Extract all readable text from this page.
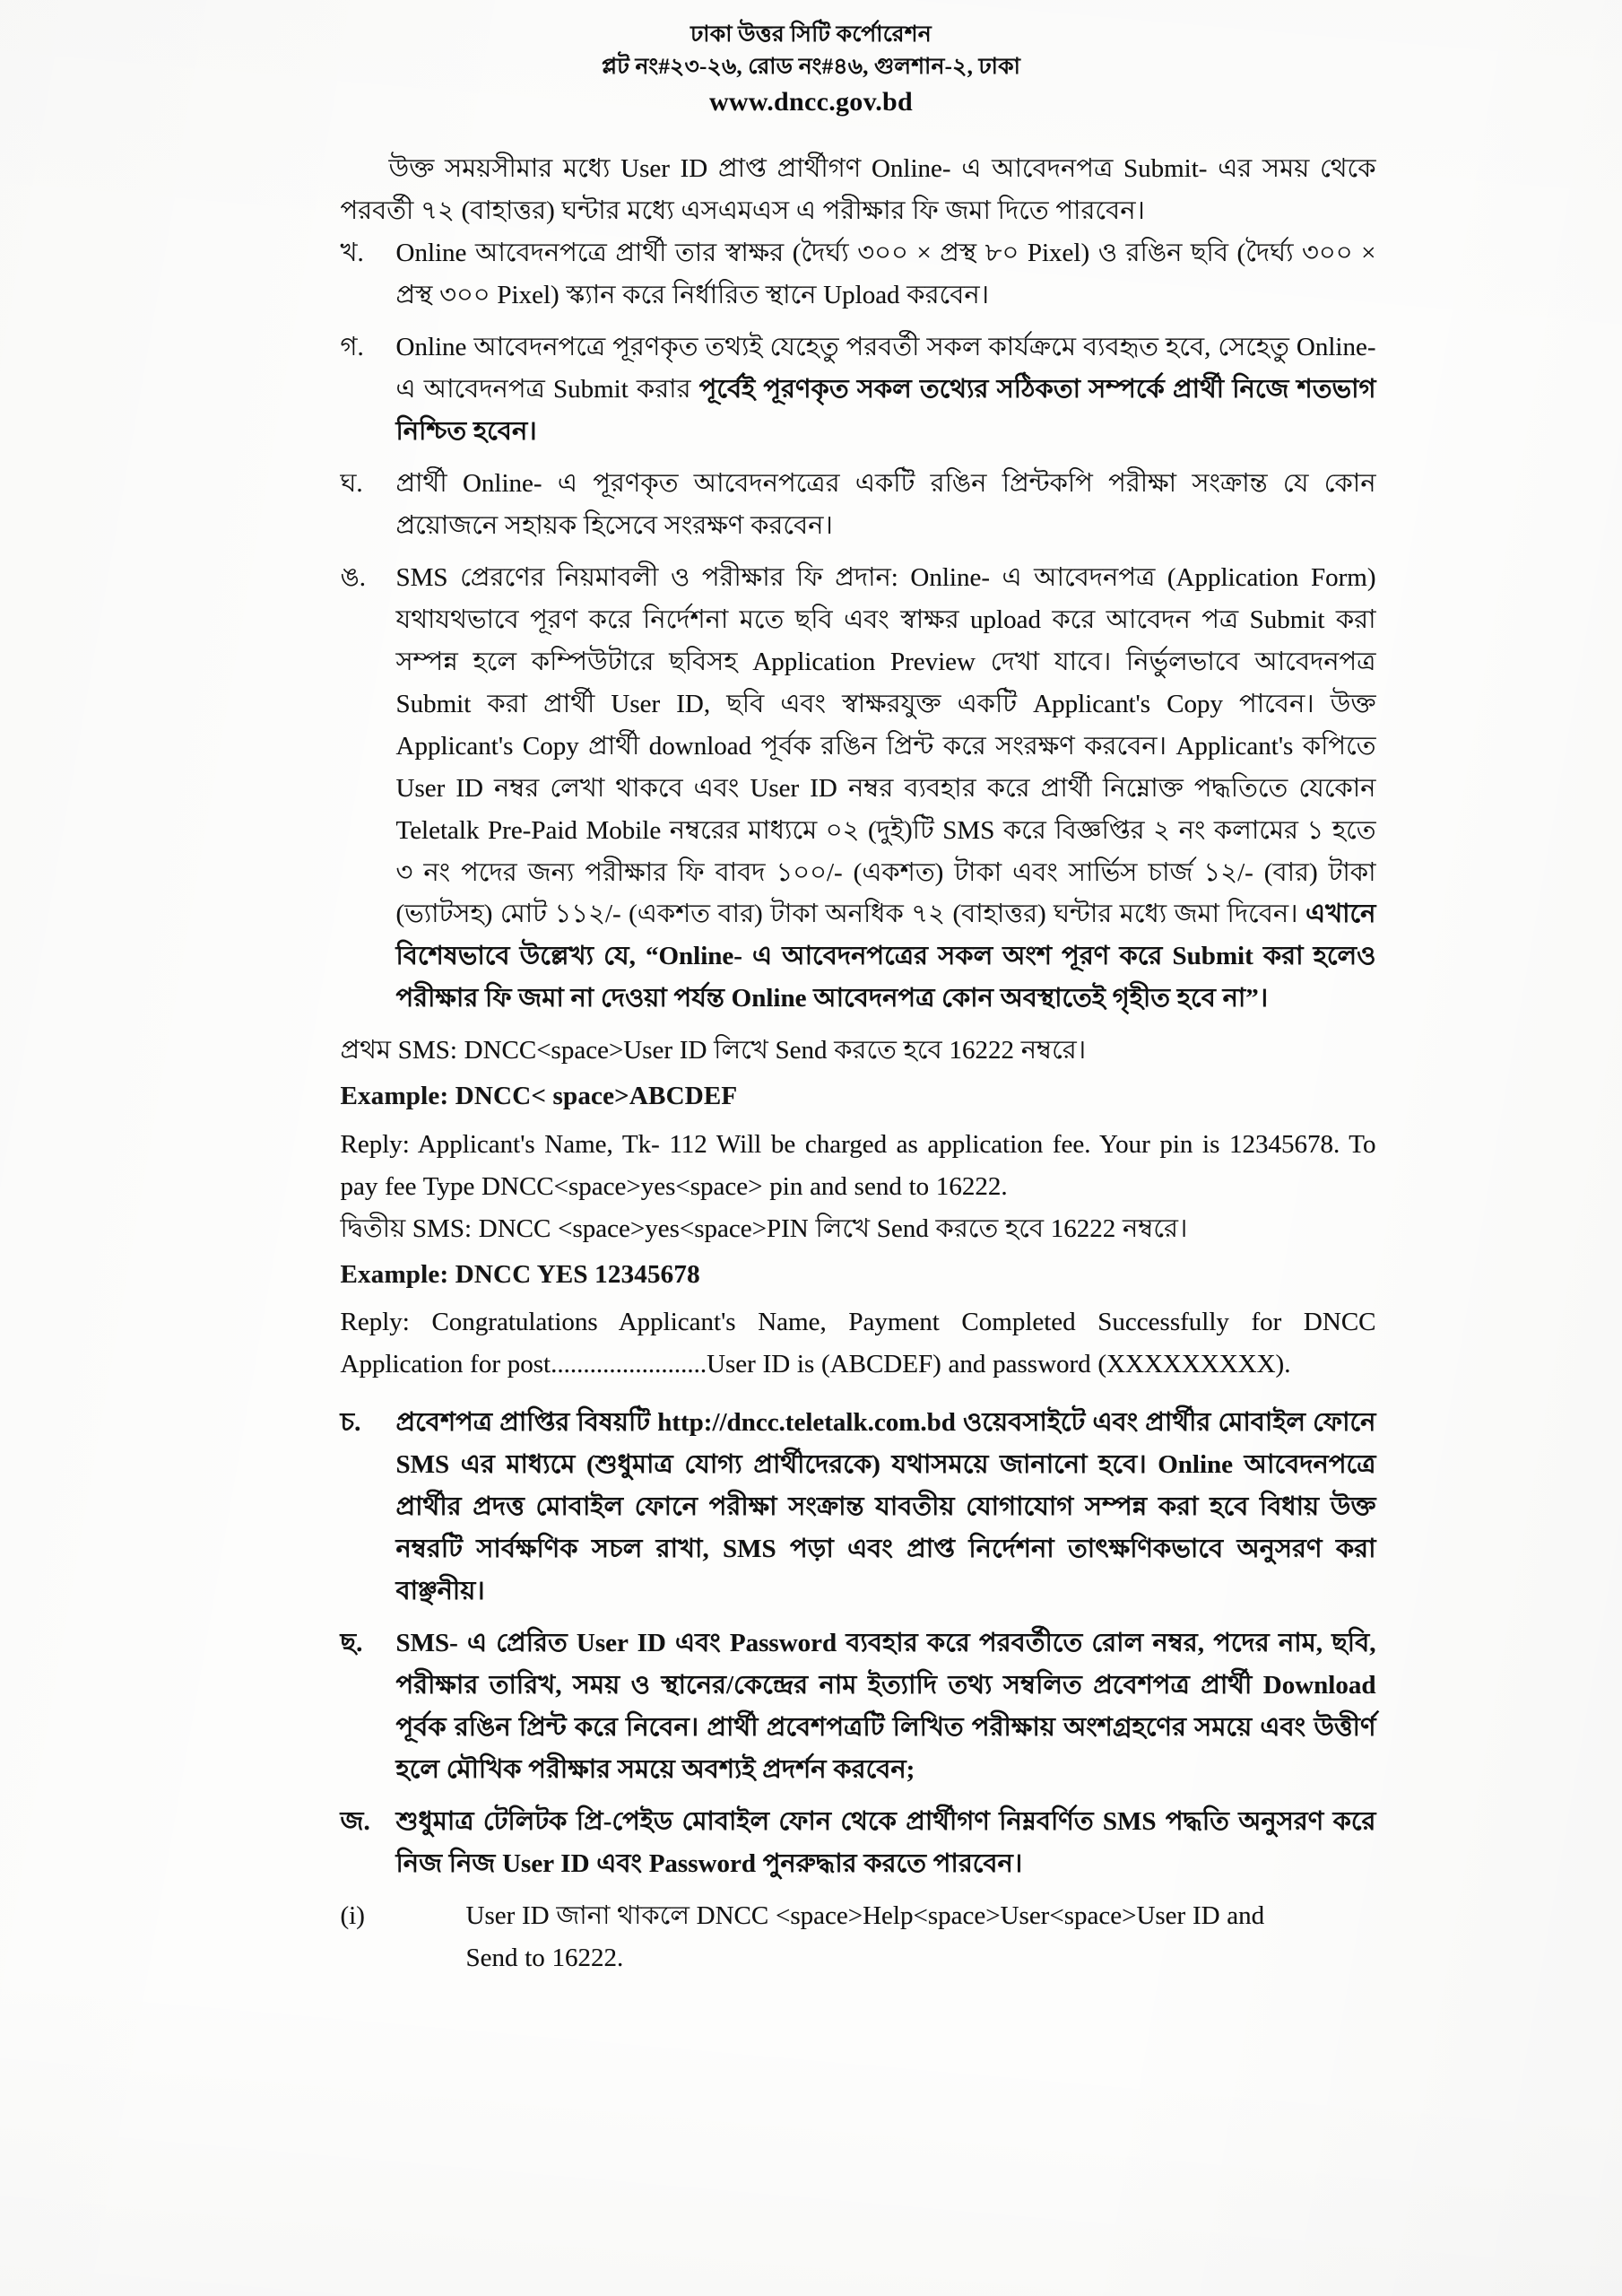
ঢাকা উত্তর সিটি কর্পোরেশন
প্লট নং#২৩-২৬, রোড নং#৪৬, গুলশান-২, ঢাকা
www.dncc.gov.bd

উক্ত সময়সীমার মধ্যে User ID প্রাপ্ত প্রার্থীগণ Online- এ আবেদনপত্র Submit- এর সময় থেকে পরবর্তী ৭২ (বাহাত্তর) ঘন্টার মধ্যে এসএমএস এ পরীক্ষার ফি জমা দিতে পারবেন।

খ.	Online আবেদনপত্রে প্রার্থী তার স্বাক্ষর (দৈর্ঘ্য ৩০০ × প্রস্থ ৮০ Pixel) ও রঙিন ছবি (দৈর্ঘ্য ৩০০ × প্রস্থ ৩০০ Pixel) স্ক্যান করে নির্ধারিত স্থানে Upload করবেন।

গ.	Online আবেদনপত্রে পূরণকৃত তথ্যই যেহেতু পরবর্তী সকল কার্যক্রমে ব্যবহৃত হবে, সেহেতু Online- এ আবেদনপত্র Submit করার পূর্বেই পূরণকৃত সকল তথ্যের সঠিকতা সম্পর্কে প্রার্থী নিজে শতভাগ নিশ্চিত হবেন।

ঘ.	প্রার্থী Online- এ পূরণকৃত আবেদনপত্রের একটি রঙিন প্রিন্টকপি পরীক্ষা সংক্রান্ত যে কোন প্রয়োজনে সহায়ক হিসেবে সংরক্ষণ করবেন।

ঙ.	SMS প্রেরণের নিয়মাবলী ও পরীক্ষার ফি প্রদান: Online- এ আবেদনপত্র (Application Form) যথাযথভাবে পূরণ করে নির্দেশনা মতে ছবি এবং স্বাক্ষর upload করে আবেদন পত্র Submit করা সম্পন্ন হলে কম্পিউটারে ছবিসহ Application Preview দেখা যাবে। নির্ভুলভাবে আবেদনপত্র Submit করা প্রার্থী User ID, ছবি এবং স্বাক্ষরযুক্ত একটি Applicant's Copy পাবেন। উক্ত Applicant's Copy প্রার্থী download পূর্বক রঙিন প্রিন্ট করে সংরক্ষণ করবেন। Applicant's কপিতে User ID নম্বর লেখা থাকবে এবং User ID নম্বর ব্যবহার করে প্রার্থী নিম্নোক্ত পদ্ধতিতে যেকোন Teletalk Pre-Paid Mobile নম্বরের মাধ্যমে ০২ (দুই)টি SMS করে বিজ্ঞপ্তির ২ নং কলামের ১ হতে ৩ নং পদের জন্য পরীক্ষার ফি বাবদ ১০০/- (একশত) টাকা এবং সার্ভিস চার্জ ১২/- (বার) টাকা (ভ্যাটসহ) মোট ১১২/- (একশত বার) টাকা অনধিক ৭২ (বাহাত্তর) ঘন্টার মধ্যে জমা দিবেন। এখানে বিশেষভাবে উল্লেখ্য যে, “Online- এ আবেদনপত্রের সকল অংশ পূরণ করে Submit করা হলেও পরীক্ষার ফি জমা না দেওয়া পর্যন্ত Online আবেদনপত্র কোন অবস্থাতেই গৃহীত হবে না”।

প্রথম SMS: DNCC<space>User ID লিখে Send করতে হবে 16222 নম্বরে।

Example: DNCC< space>ABCDEF

Reply: Applicant's Name, Tk- 112 Will be charged as application fee. Your pin is 12345678. To pay fee Type DNCC<space>yes<space> pin and send to 16222.

দ্বিতীয় SMS: DNCC <space>yes<space>PIN লিখে Send করতে হবে 16222 নম্বরে।

Example: DNCC YES 12345678

Reply: Congratulations Applicant's Name, Payment Completed Successfully for DNCC Application for post........................User ID is (ABCDEF) and password (XXXXXXXXX).

চ.	প্রবেশপত্র প্রাপ্তির বিষয়টি http://dncc.teletalk.com.bd ওয়েবসাইটে এবং প্রার্থীর মোবাইল ফোনে SMS এর মাধ্যমে (শুধুমাত্র যোগ্য প্রার্থীদেরকে) যথাসময়ে জানানো হবে। Online আবেদনপত্রে প্রার্থীর প্রদত্ত মোবাইল ফোনে পরীক্ষা সংক্রান্ত যাবতীয় যোগাযোগ সম্পন্ন করা হবে বিধায় উক্ত নম্বরটি সার্বক্ষণিক সচল রাখা, SMS পড়া এবং প্রাপ্ত নির্দেশনা তাৎক্ষণিকভাবে অনুসরণ করা বাঞ্ছনীয়।

ছ.	SMS- এ প্রেরিত User ID এবং Password ব্যবহার করে পরবর্তীতে রোল নম্বর, পদের নাম, ছবি, পরীক্ষার তারিখ, সময় ও স্থানের/কেন্দ্রের নাম ইত্যাদি তথ্য সম্বলিত প্রবেশপত্র প্রার্থী Download পূর্বক রঙিন প্রিন্ট করে নিবেন। প্রার্থী প্রবেশপত্রটি লিখিত পরীক্ষায় অংশগ্রহণের সময়ে এবং উত্তীর্ণ হলে মৌখিক পরীক্ষার সময়ে অবশ্যই প্রদর্শন করবেন;

জ. শুধুমাত্র টেলিটক প্রি-পেইড মোবাইল ফোন থেকে প্রার্থীগণ নিম্নবর্ণিত SMS পদ্ধতি অনুসরণ করে নিজ নিজ User ID এবং Password পুনরুদ্ধার করতে পারবেন।

(i)	User ID জানা থাকলে DNCC <space>Help<space>User<space>User ID and
Send to 16222.
